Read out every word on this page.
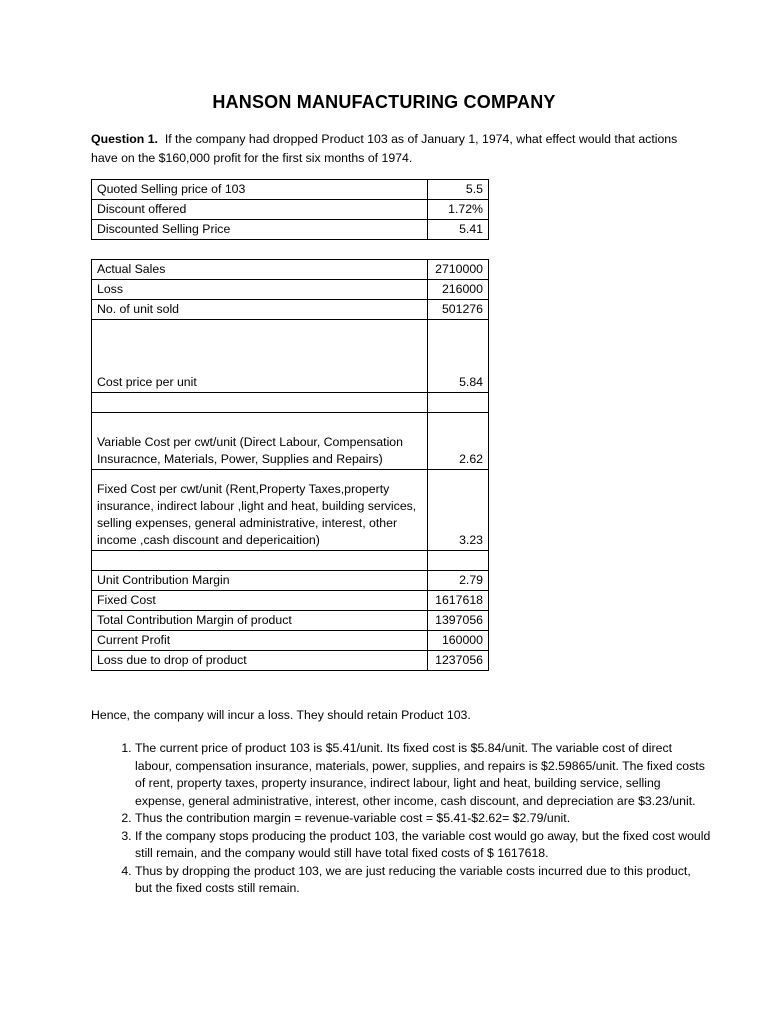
HANSON MANUFACTURING COMPANY
Question 1. If the company had dropped Product 103 as of January 1, 1974, what effect would that actions have on the $160,000 profit for the first six months of 1974.
Quoted Selling price of 103	5.5
Discount offered	1.72%
Discounted Selling Price	5.41
Actual Sales	2710000
Loss	216000
No. of unit sold	501276
Cost price per unit	5.84

Variable Cost per cwt/unit (Direct Labour, Compensation Insuracnce, Materials, Power, Supplies and Repairs)	2.62
Fixed Cost per cwt/unit (Rent,Property Taxes,property insurance, indirect labour ,light and heat, building services, selling expenses, general administrative, interest, other income ,cash discount and depericaition)	3.23

Unit Contribution Margin	2.79
Fixed Cost	1617618
Total Contribution Margin of product	1397056
Current Profit	160000
Loss due to drop of product	1237056
Hence, the company will incur a loss. They should retain Product 103.
1. The current price of product 103 is $5.41/unit. Its fixed cost is $5.84/unit. The variable cost of direct labour, compensation insurance, materials, power, supplies, and repairs is $2.59865/unit. The fixed costs of rent, property taxes, property insurance, indirect labour, light and heat, building service, selling expense, general administrative, interest, other income, cash discount, and depreciation are $3.23/unit.
2. Thus the contribution margin = revenue-variable cost = $5.41-$2.62= $2.79/unit.
3. If the company stops producing the product 103, the variable cost would go away, but the fixed cost would still remain, and the company would still have total fixed costs of $ 1617618.
4. Thus by dropping the product 103, we are just reducing the variable costs incurred due to this product, but the fixed costs still remain.
